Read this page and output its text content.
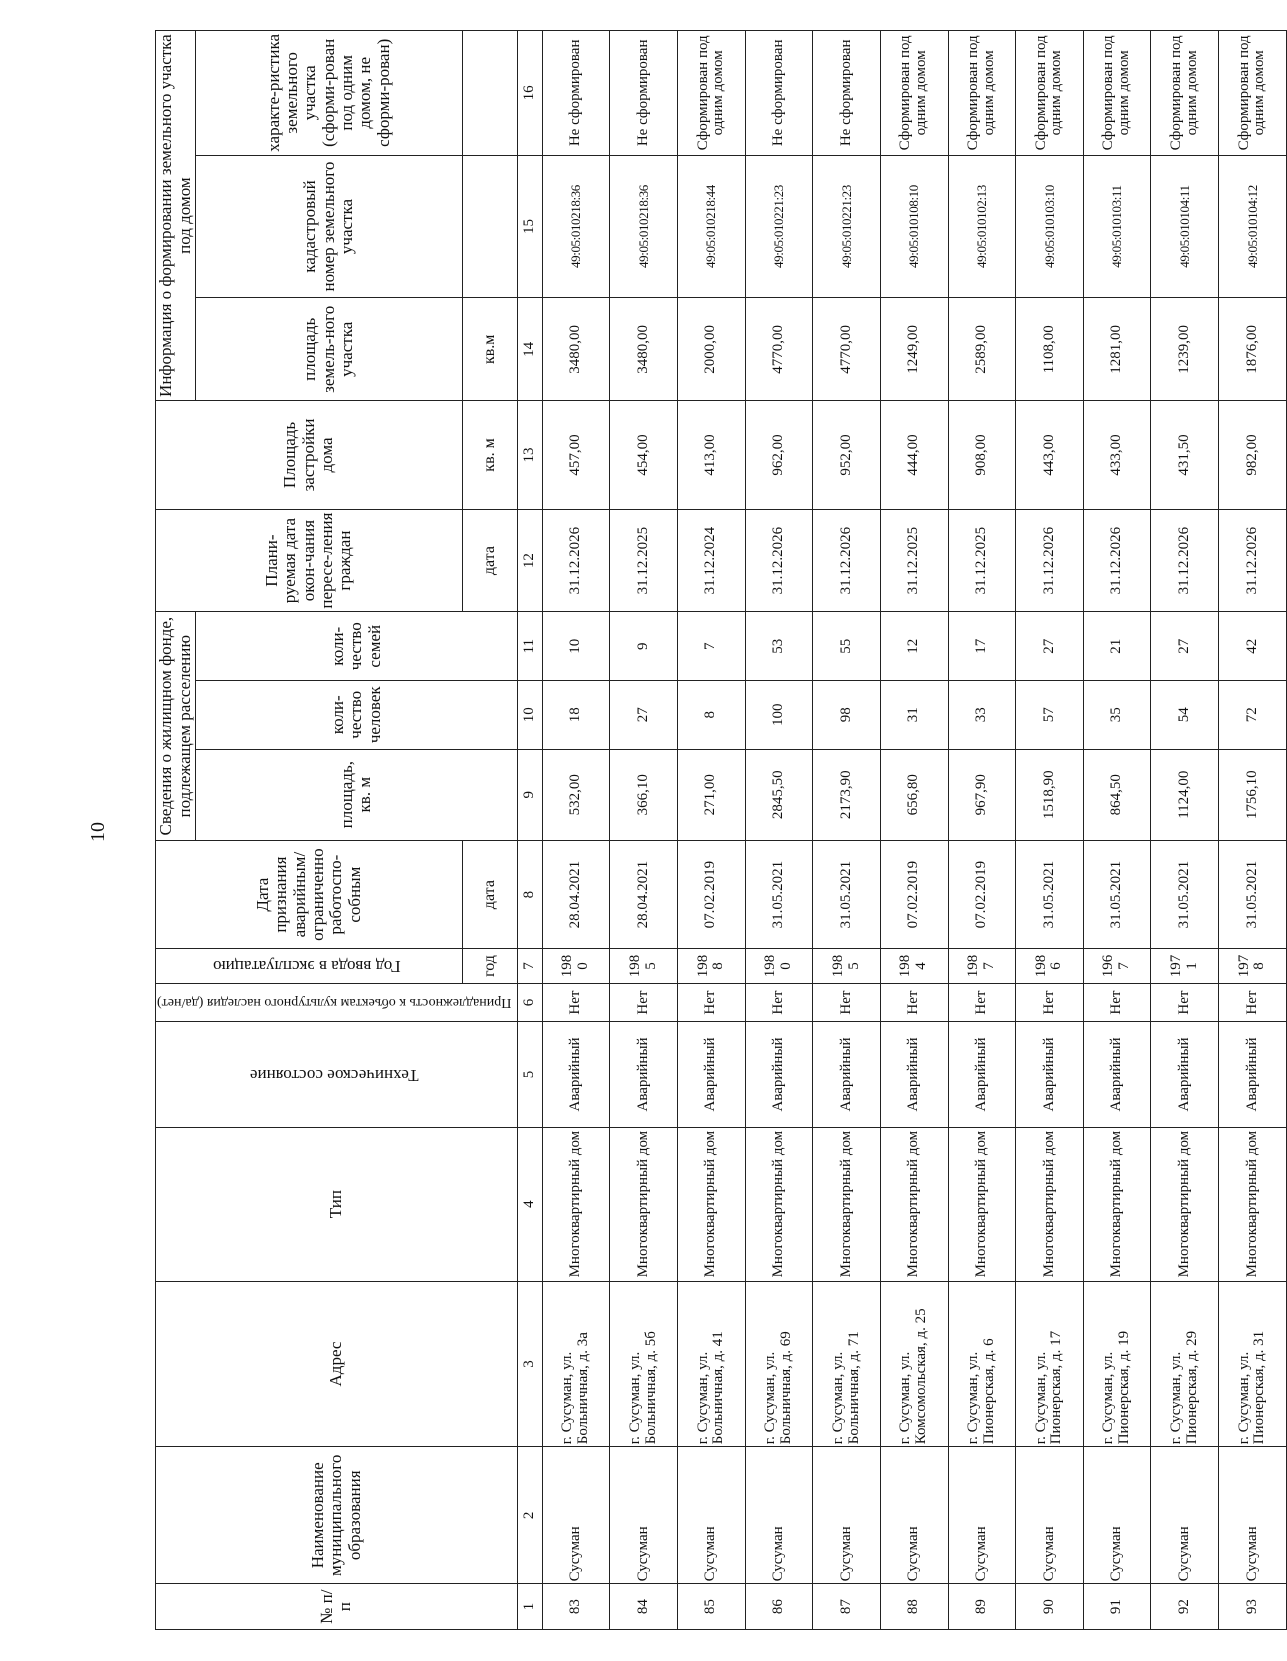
10
№ п/п	Наименование муниципального образования	Адрес	Тип	Техническое состояние	Принадлежность к объектам культурного наследия (да/нет)	Год ввода в эксплуатацию	Дата признания аварийным/ ограниченно работоспо-собным	Сведения о жилищном фонде, подлежащем расселению			Плани-руемая дата окон-чания пересе-ления граждан	Площадь застройки дома	Информация о формировании земельного участка под домом		
								площадь, кв. м	коли-чество человек	коли-чество семей			площадь земель-ного участка	кадастровый номер земельного участка	характе-ристика земельного участка (сформи-рован под одним домом, не сформи-рован)
						год	дата				дата	кв. м	кв.м		
1	2	3	4	5	6	7	8	9	10	11	12	13	14	15	16
83	Сусуман	г. Сусуман, ул. Больничная, д. 3а	Многоквартирный дом	Аварийный	Нет	1980	28.04.2021	532,00	18	10	31.12.2026	457,00	3480,00	49:05:010218:36	Не сформирован
84	Сусуман	г. Сусуман, ул. Больничная, д. 5б	Многоквартирный дом	Аварийный	Нет	1985	28.04.2021	366,10	27	9	31.12.2025	454,00	3480,00	49:05:010218:36	Не сформирован
85	Сусуман	г. Сусуман, ул. Больничная, д. 41	Многоквартирный дом	Аварийный	Нет	1988	07.02.2019	271,00	8	7	31.12.2024	413,00	2000,00	49:05:010218:44	Сформирован под одним домом
86	Сусуман	г. Сусуман, ул. Больничная, д. 69	Многоквартирный дом	Аварийный	Нет	1980	31.05.2021	2845,50	100	53	31.12.2026	962,00	4770,00	49:05:010221:23	Не сформирован
87	Сусуман	г. Сусуман, ул. Больничная, д. 71	Многоквартирный дом	Аварийный	Нет	1985	31.05.2021	2173,90	98	55	31.12.2026	952,00	4770,00	49:05:010221:23	Не сформирован
88	Сусуман	г. Сусуман, ул. Комсомольская, д. 25	Многоквартирный дом	Аварийный	Нет	1984	07.02.2019	656,80	31	12	31.12.2025	444,00	1249,00	49:05:010108:10	Сформирован под одним домом
89	Сусуман	г. Сусуман, ул. Пионерская, д. 6	Многоквартирный дом	Аварийный	Нет	1987	07.02.2019	967,90	33	17	31.12.2025	908,00	2589,00	49:05:010102:13	Сформирован под одним домом
90	Сусуман	г. Сусуман, ул. Пионерская, д. 17	Многоквартирный дом	Аварийный	Нет	1986	31.05.2021	1518,90	57	27	31.12.2026	443,00	1108,00	49:05:010103:10	Сформирован под одним домом
91	Сусуман	г. Сусуман, ул. Пионерская, д. 19	Многоквартирный дом	Аварийный	Нет	1967	31.05.2021	864,50	35	21	31.12.2026	433,00	1281,00	49:05:010103:11	Сформирован под одним домом
92	Сусуман	г. Сусуман, ул. Пионерская, д. 29	Многоквартирный дом	Аварийный	Нет	1971	31.05.2021	1124,00	54	27	31.12.2026	431,50	1239,00	49:05:010104:11	Сформирован под одним домом
93	Сусуман	г. Сусуман, ул. Пионерская, д. 31	Многоквартирный дом	Аварийный	Нет	1978	31.05.2021	1756,10	72	42	31.12.2026	982,00	1876,00	49:05:010104:12	Сформирован под одним домом
